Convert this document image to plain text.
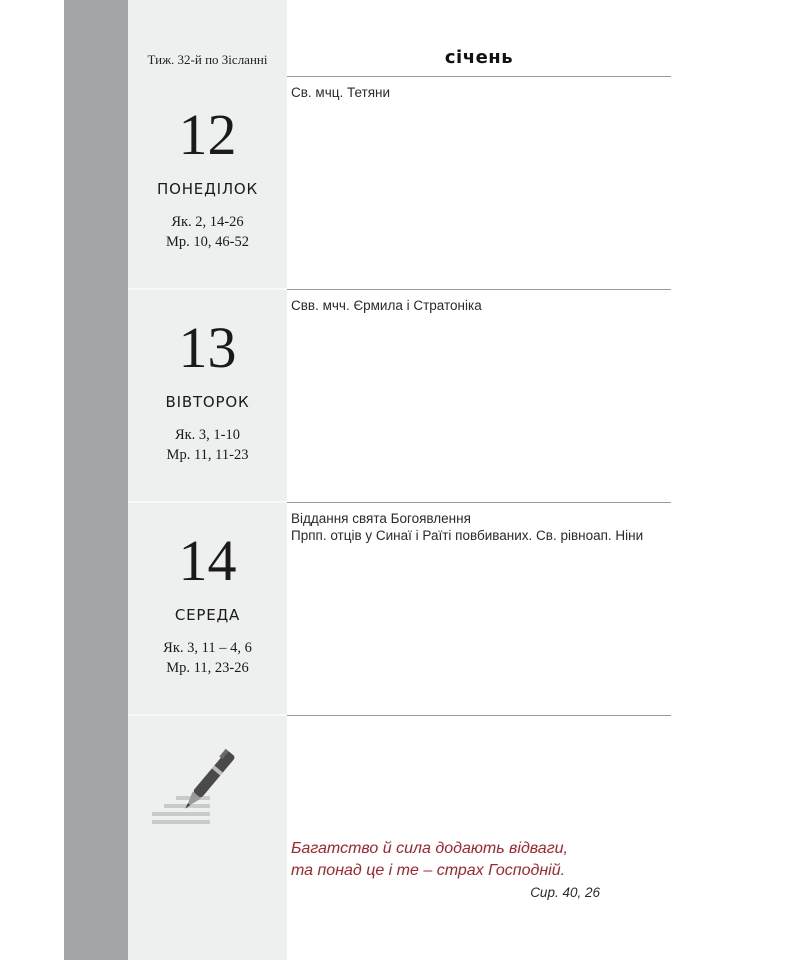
Тиж. 32-й по Зісланні	січень
12
ПОНЕДІЛОК
Як. 2, 14-26
Мр. 10, 46-52
Св. мчц. Тетяни
13
ВІВТОРОК
Як. 3, 1-10
Мр. 11, 11-23
Свв. мчч. Єрмила і Стратоніка
14
СЕРЕДА
Як. 3, 11 – 4, 6
Мр. 11, 23-26
Віддання свята Богоявлення
Прпп. отців у Синаї і Раїті повбиваних. Св. рівноап. Ніни
Багатство й сила додають відваги,
та понад це і те – страх Господній.
Сир. 40, 26
